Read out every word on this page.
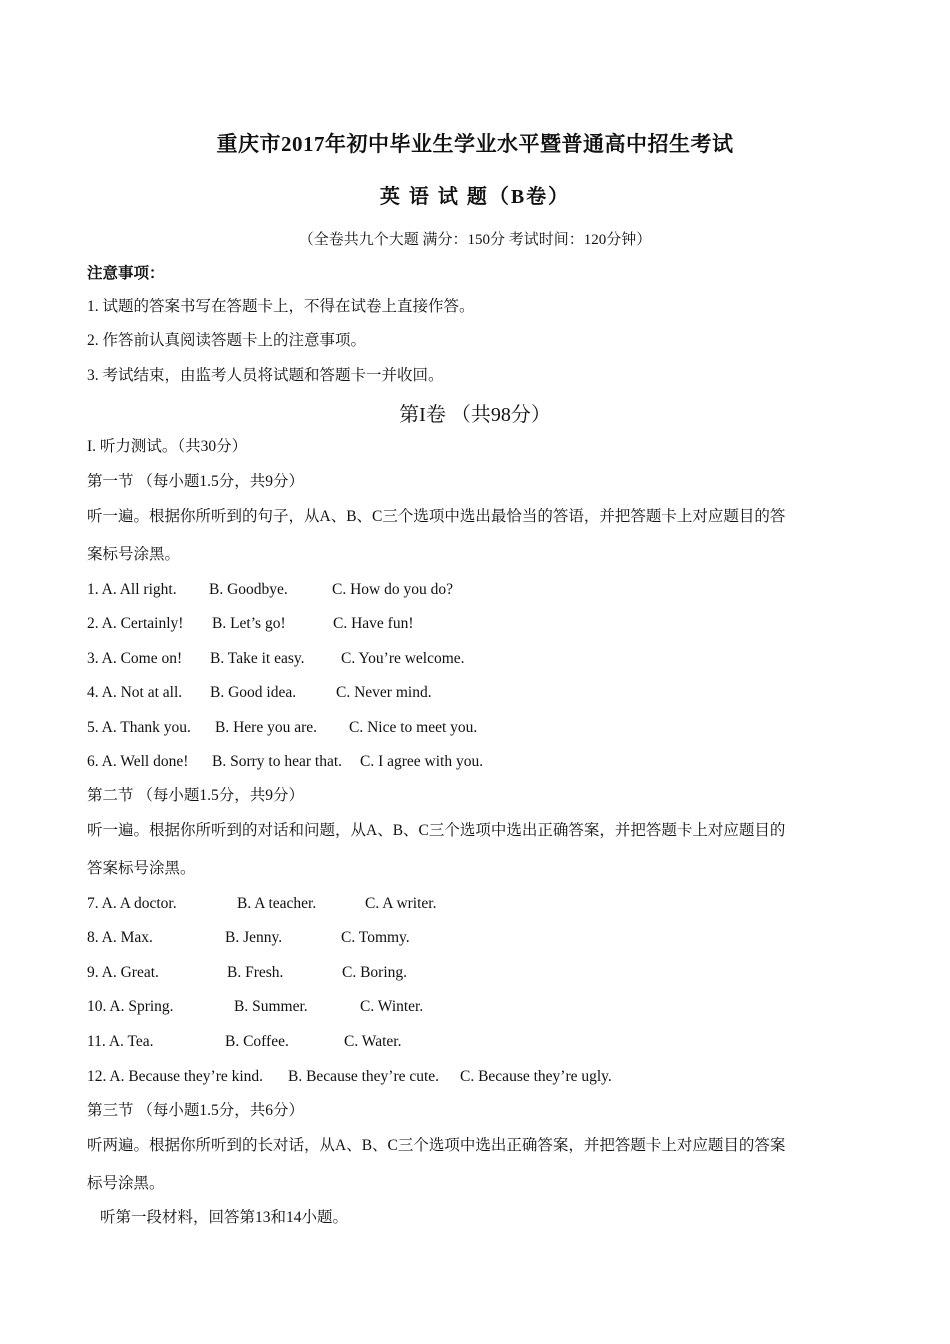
重庆市2017年初中毕业生学业水平暨普通高中招生考试
英 语 试 题（B卷）
（全卷共九个大题 满分：150分 考试时间：120分钟）
注意事项：
1. 试题的答案书写在答题卡上，不得在试卷上直接作答。
2. 作答前认真阅读答题卡上的注意事项。
3. 考试结束，由监考人员将试题和答题卡一并收回。
第I卷 （共98分）
I. 听力测试。（共30分）
第一节 （每小题1.5分，共9分）
听一遍。根据你所听到的句子，从A、B、C三个选项中选出最恰当的答语，并把答题卡上对应题目的答
案标号涂黑。
1. A. All right. B. Goodbye.	C. How do you do?
2. A. Certainly! B. Let’s go!	C. Have fun!
3. A. Come on! B. Take it easy. C. You’re welcome.
4. A. Not at all. B. Good idea.	C. Never mind.
5. A. Thank you. B. Here you are. C. Nice to meet you.
6. A. Well done! B. Sorry to hear that. C. I agree with you.
第二节 （每小题1.5分，共9分）
听一遍。根据你所听到的对话和问题，从A、B、C三个选项中选出正确答案，并把答题卡上对应题目的
答案标号涂黑。
7. A. A doctor.	B. A teacher.	C. A writer.
8. A. Max.	B. Jenny.	C. Tommy.
9. A. Great.	B. Fresh.	C. Boring.
10. A. Spring.	B. Summer.	C. Winter.
11. A. Tea.	B. Coffee.	C. Water.
12. A. Because they’re kind. B. Because they’re cute. C. Because they’re ugly.
第三节 （每小题1.5分，共6分）
听两遍。根据你所听到的长对话，从A、B、C三个选项中选出正确答案，并把答题卡上对应题目的答案
标号涂黑。
听第一段材料，回答第13和14小题。
